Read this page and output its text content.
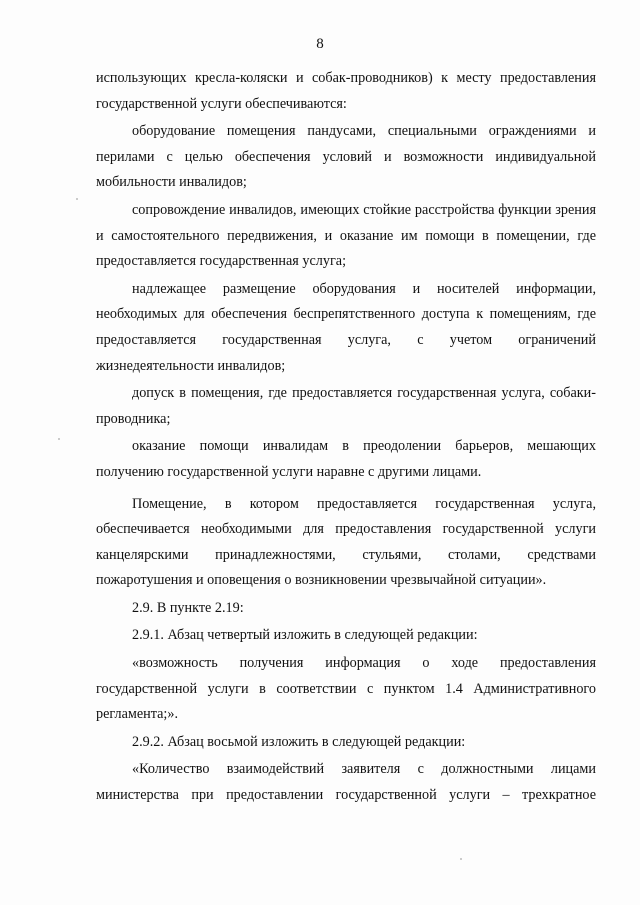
8

использующих кресла-коляски и собак-проводников) к месту предоставления государственной услуги обеспечиваются:

оборудование помещения пандусами, специальными ограждениями и перилами с целью обеспечения условий и возможности индивидуальной мобильности инвалидов;

сопровождение инвалидов, имеющих стойкие расстройства функции зрения и самостоятельного передвижения, и оказание им помощи в помещении, где предоставляется государственная услуга;

надлежащее размещение оборудования и носителей информации, необходимых для обеспечения беспрепятственного доступа к помещениям, где предоставляется государственная услуга, с учетом ограничений жизнедеятельности инвалидов;

допуск в помещения, где предоставляется государственная услуга, собаки-проводника;

оказание помощи инвалидам в преодолении барьеров, мешающих получению государственной услуги наравне с другими лицами.

Помещение, в котором предоставляется государственная услуга, обеспечивается необходимыми для предоставления государственной услуги канцелярскими принадлежностями, стульями, столами, средствами пожаротушения и оповещения о возникновении чрезвычайной ситуации».

2.9. В пункте 2.19:

2.9.1. Абзац четвертый изложить в следующей редакции:

«возможность получения информация о ходе предоставления государственной услуги в соответствии с пунктом 1.4 Административного регламента;».

2.9.2. Абзац восьмой изложить в следующей редакции:

«Количество взаимодействий заявителя с должностными лицами министерства при предоставлении государственной услуги – трехкратное
